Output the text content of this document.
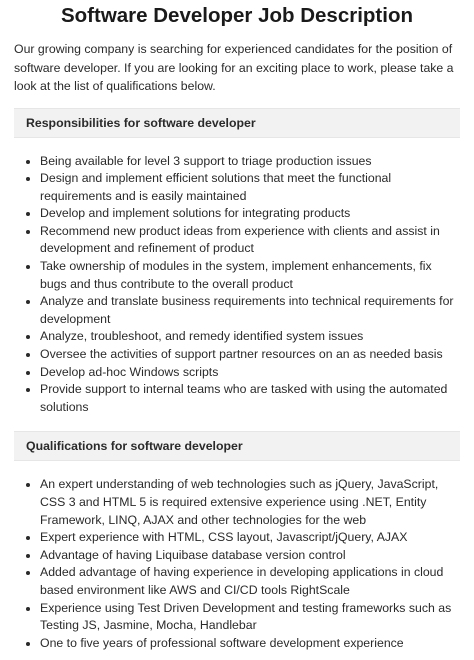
Software Developer Job Description

Our growing company is searching for experienced candidates for the position of software developer. If you are looking for an exciting place to work, please take a look at the list of qualifications below.

Responsibilities for software developer
Being available for level 3 support to triage production issues
Design and implement efficient solutions that meet the functional requirements and is easily maintained
Develop and implement solutions for integrating products
Recommend new product ideas from experience with clients and assist in development and refinement of product
Take ownership of modules in the system, implement enhancements, fix bugs and thus contribute to the overall product
Analyze and translate business requirements into technical requirements for development
Analyze, troubleshoot, and remedy identified system issues
Oversee the activities of support partner resources on an as needed basis
Develop ad-hoc Windows scripts
Provide support to internal teams who are tasked with using the automated solutions
Qualifications for software developer
An expert understanding of web technologies such as jQuery, JavaScript, CSS 3 and HTML 5 is required extensive experience using .NET, Entity Framework, LINQ, AJAX and other technologies for the web
Expert experience with HTML, CSS layout, Javascript/jQuery, AJAX
Advantage of having Liquibase database version control
Added advantage of having experience in developing applications in cloud based environment like AWS and CI/CD tools RightScale
Experience using Test Driven Development and testing frameworks such as Testing JS, Jasmine, Mocha, Handlebar
One to five years of professional software development experience
